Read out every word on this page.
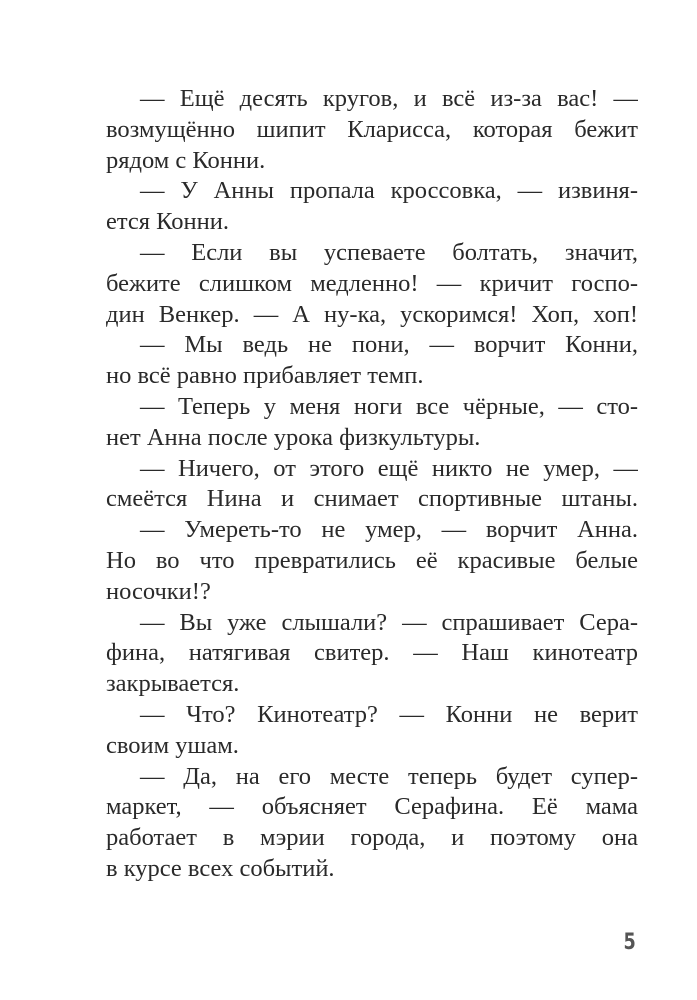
— Ещё десять кругов, и всё из-за вас! —
возмущённо шипит Кларисса, которая бежит
рядом с Конни.
— У Анны пропала кроссовка, — извиня-
ется Конни.
— Если вы успеваете болтать, значит,
бежите слишком медленно! — кричит госпо-
дин Венкер. — А ну-ка, ускоримся! Хоп, хоп!
— Мы ведь не пони, — ворчит Конни,
но всё равно прибавляет темп.
— Теперь у меня ноги все чёрные, — сто-
нет Анна после урока физкультуры.
— Ничего, от этого ещё никто не умер, —
смеётся Нина и снимает спортивные штаны.
— Умереть-то не умер, — ворчит Анна.
Но во что превратились её красивые белые
носочки!?
— Вы уже слышали? — спрашивает Сера-
фина, натягивая свитер. — Наш кинотеатр
закрывается.
— Что? Кинотеатр? — Конни не верит
своим ушам.
— Да, на его месте теперь будет супер-
маркет, — объясняет Серафина. Её мама
работает в мэрии города, и поэтому она
в курсе всех событий.
5
